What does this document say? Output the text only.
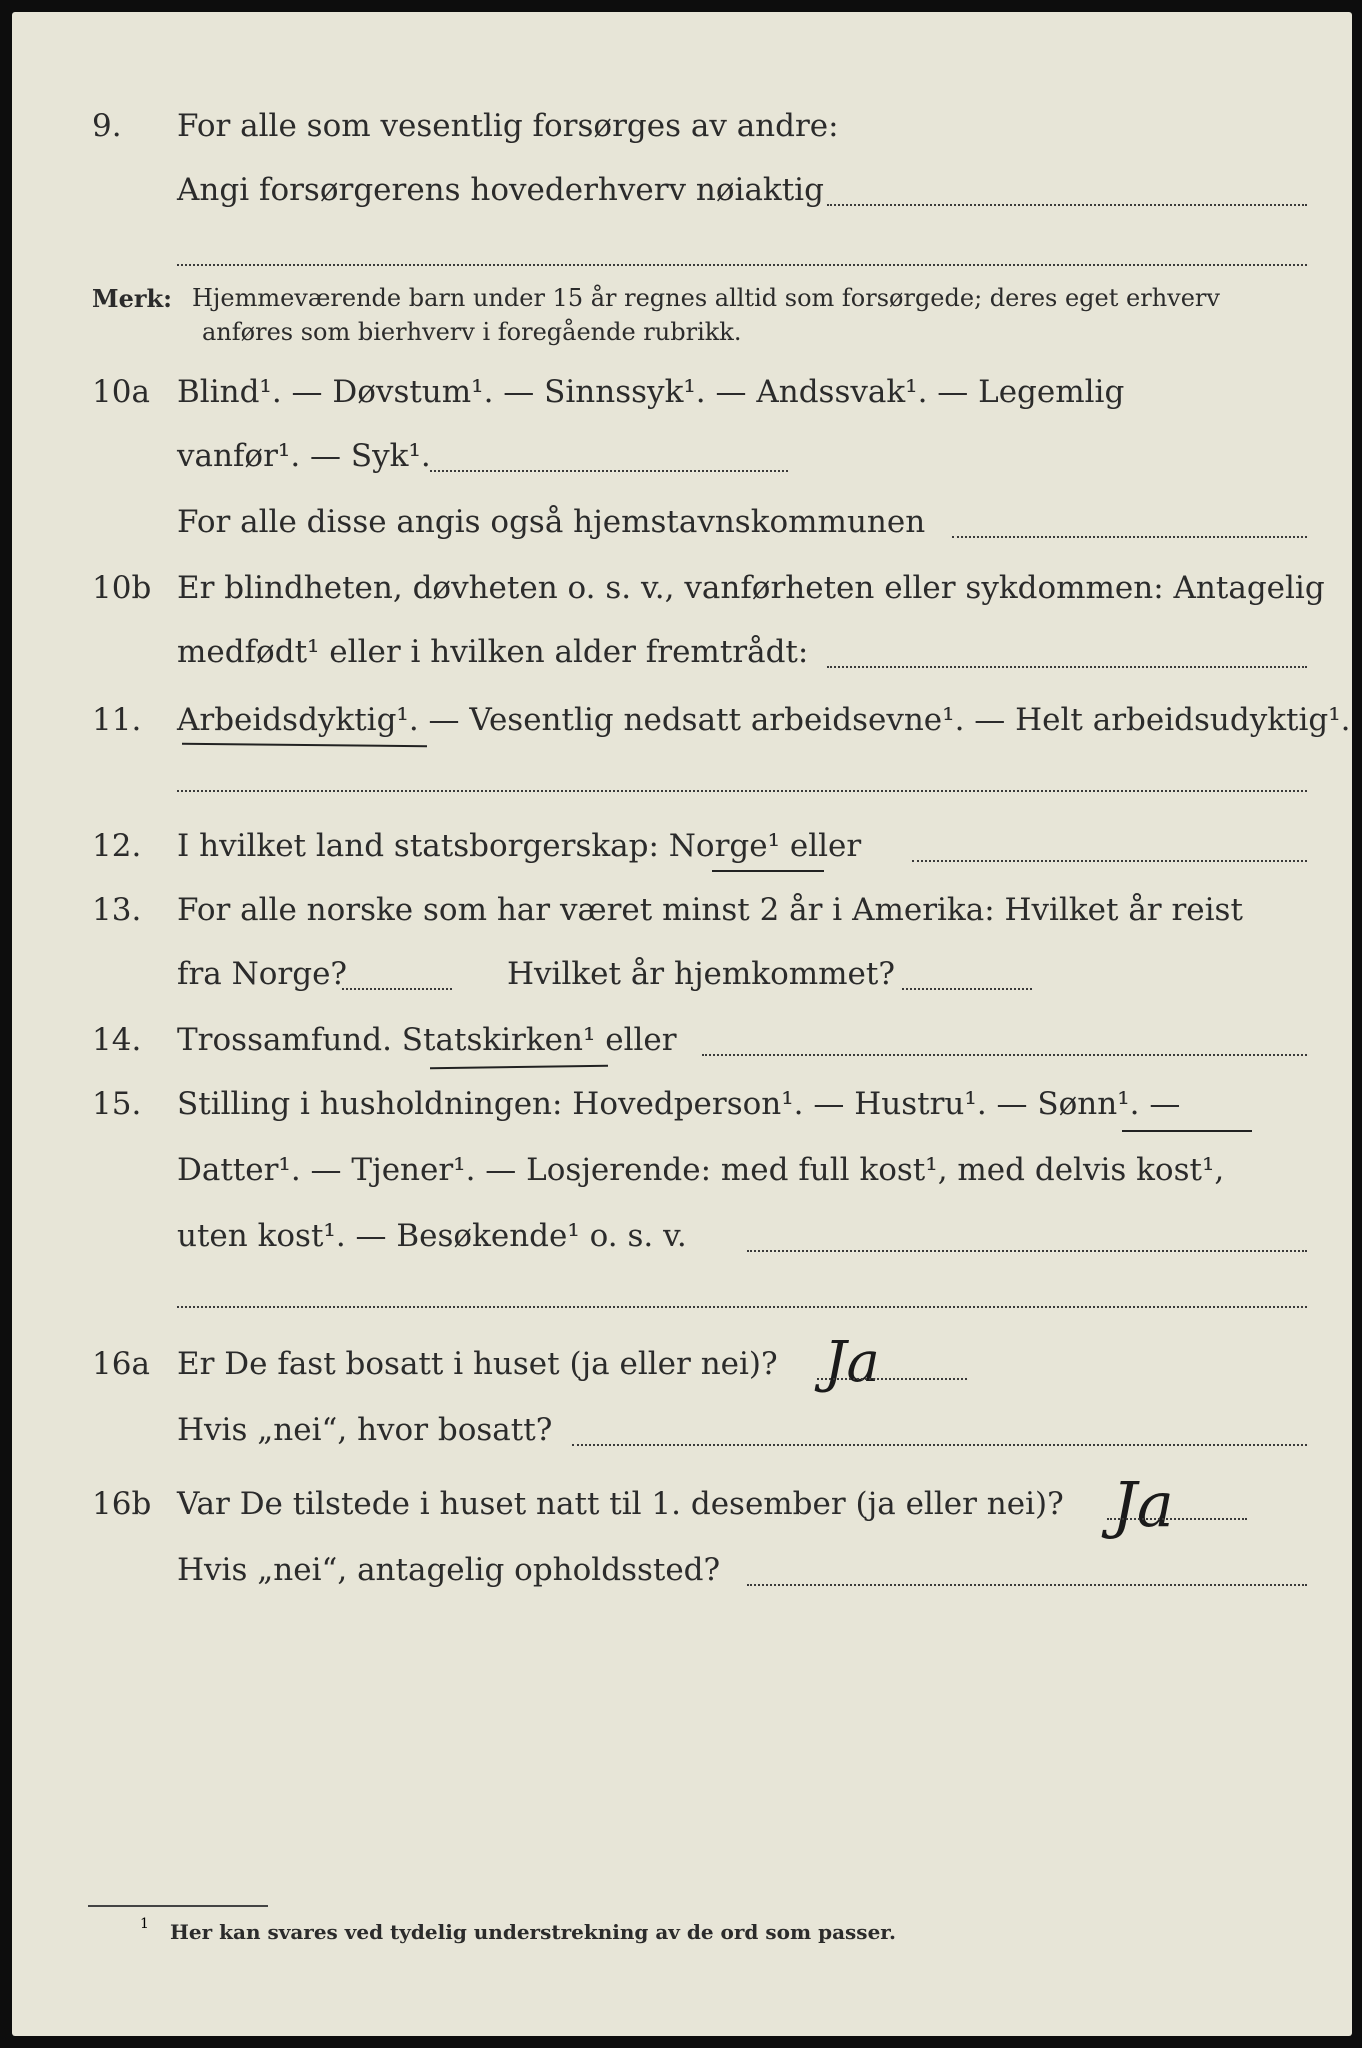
9. For alle som vesentlig forsørges av andre:
Angi forsørgerens hovederhverv nøiaktig
Merk: Hjemmeværende barn under 15 år regnes alltid som forsørgede; deres eget erhverv
anføres som bierhverv i foregående rubrikk.
10a Blind¹. — Døvstum¹. — Sinnssyk¹. — Andssvak¹. — Legemlig
vanfør¹. — Syk¹.
For alle disse angis også hjemstavnskommunen
10b Er blindheten, døvheten o. s. v., vanførheten eller sykdommen: Antagelig
medfødt¹ eller i hvilken alder fremtrådt:
11. Arbeidsdyktig¹. — Vesentlig nedsatt arbeidsevne¹. — Helt arbeidsudyktig¹.
12. I hvilket land statsborgerskap: Norge¹ eller
13. For alle norske som har været minst 2 år i Amerika: Hvilket år reist
fra Norge?	Hvilket år hjemkommet?
14. Trossamfund. Statskirken¹ eller
15. Stilling i husholdningen: Hovedperson¹. — Hustru¹. — Sønn¹. —
Datter¹. — Tjener¹. — Losjerende: med full kost¹, med delvis kost¹,
uten kost¹. — Besøkende¹ o. s. v.
16a Er De fast bosatt i huset (ja eller nei)? Ja
Hvis „nei“, hvor bosatt?
16b Var De tilstede i huset natt til 1. desember (ja eller nei)? Ja
Hvis „nei“, antagelig opholdssted?
1 Her kan svares ved tydelig understrekning av de ord som passer.
